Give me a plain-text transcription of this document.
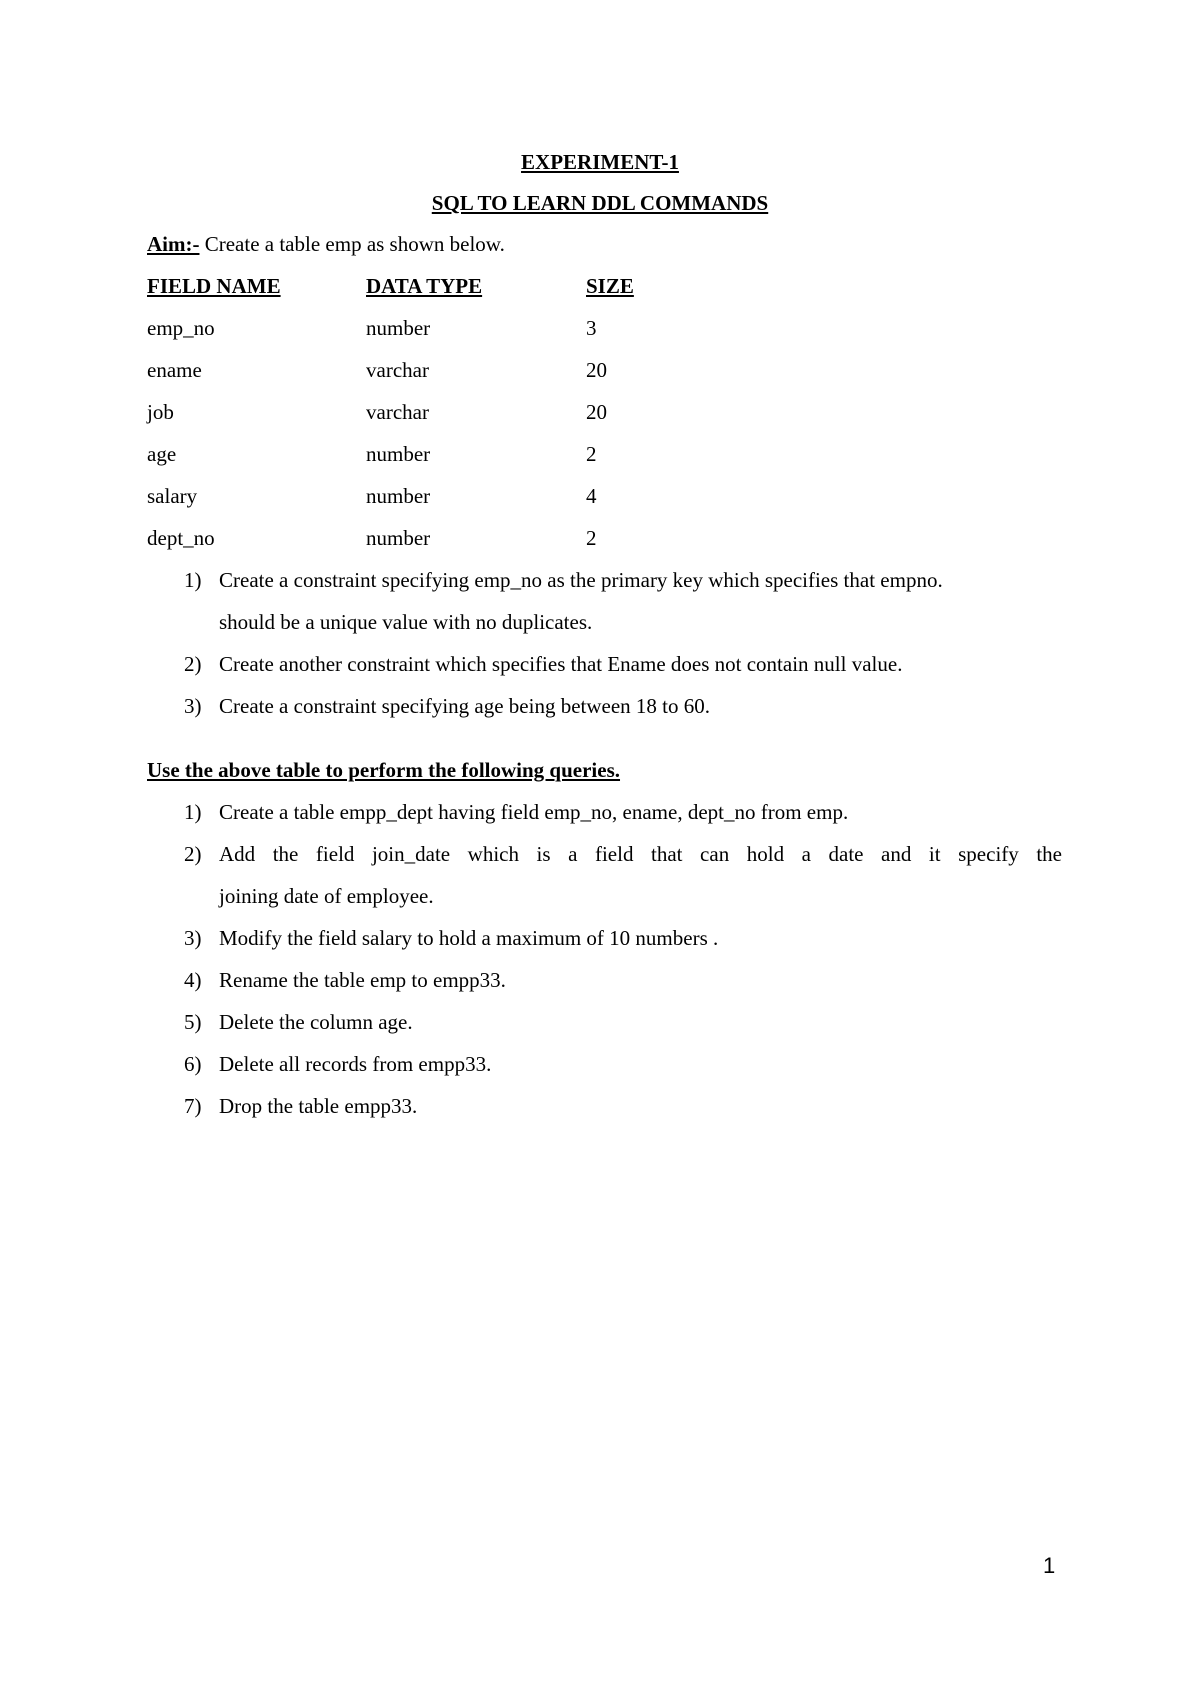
EXPERIMENT-1
SQL TO LEARN DDL COMMANDS
Aim:- Create a table emp as shown below.
FIELD NAME	DATA TYPE	SIZE
emp_no	number	3
ename	varchar	20
job	varchar	20
age	number	2
salary	number	4
dept_no	number	2
1) Create a constraint specifying emp_no as the primary key which specifies that empno.
should be a unique value with no duplicates.
2) Create another constraint which specifies that Ename does not contain null value.
3) Create a constraint specifying age being between 18 to 60.
Use the above table to perform the following queries.
1) Create a table empp_dept having field emp_no, ename, dept_no from emp.
2) Add the field join_date which is a field that can hold a date and it specify the
joining date of employee.
3) Modify the field salary to hold a maximum of 10 numbers .
4) Rename the table emp to empp33.
5) Delete the column age.
6) Delete all records from empp33.
7) Drop the table empp33.
1
